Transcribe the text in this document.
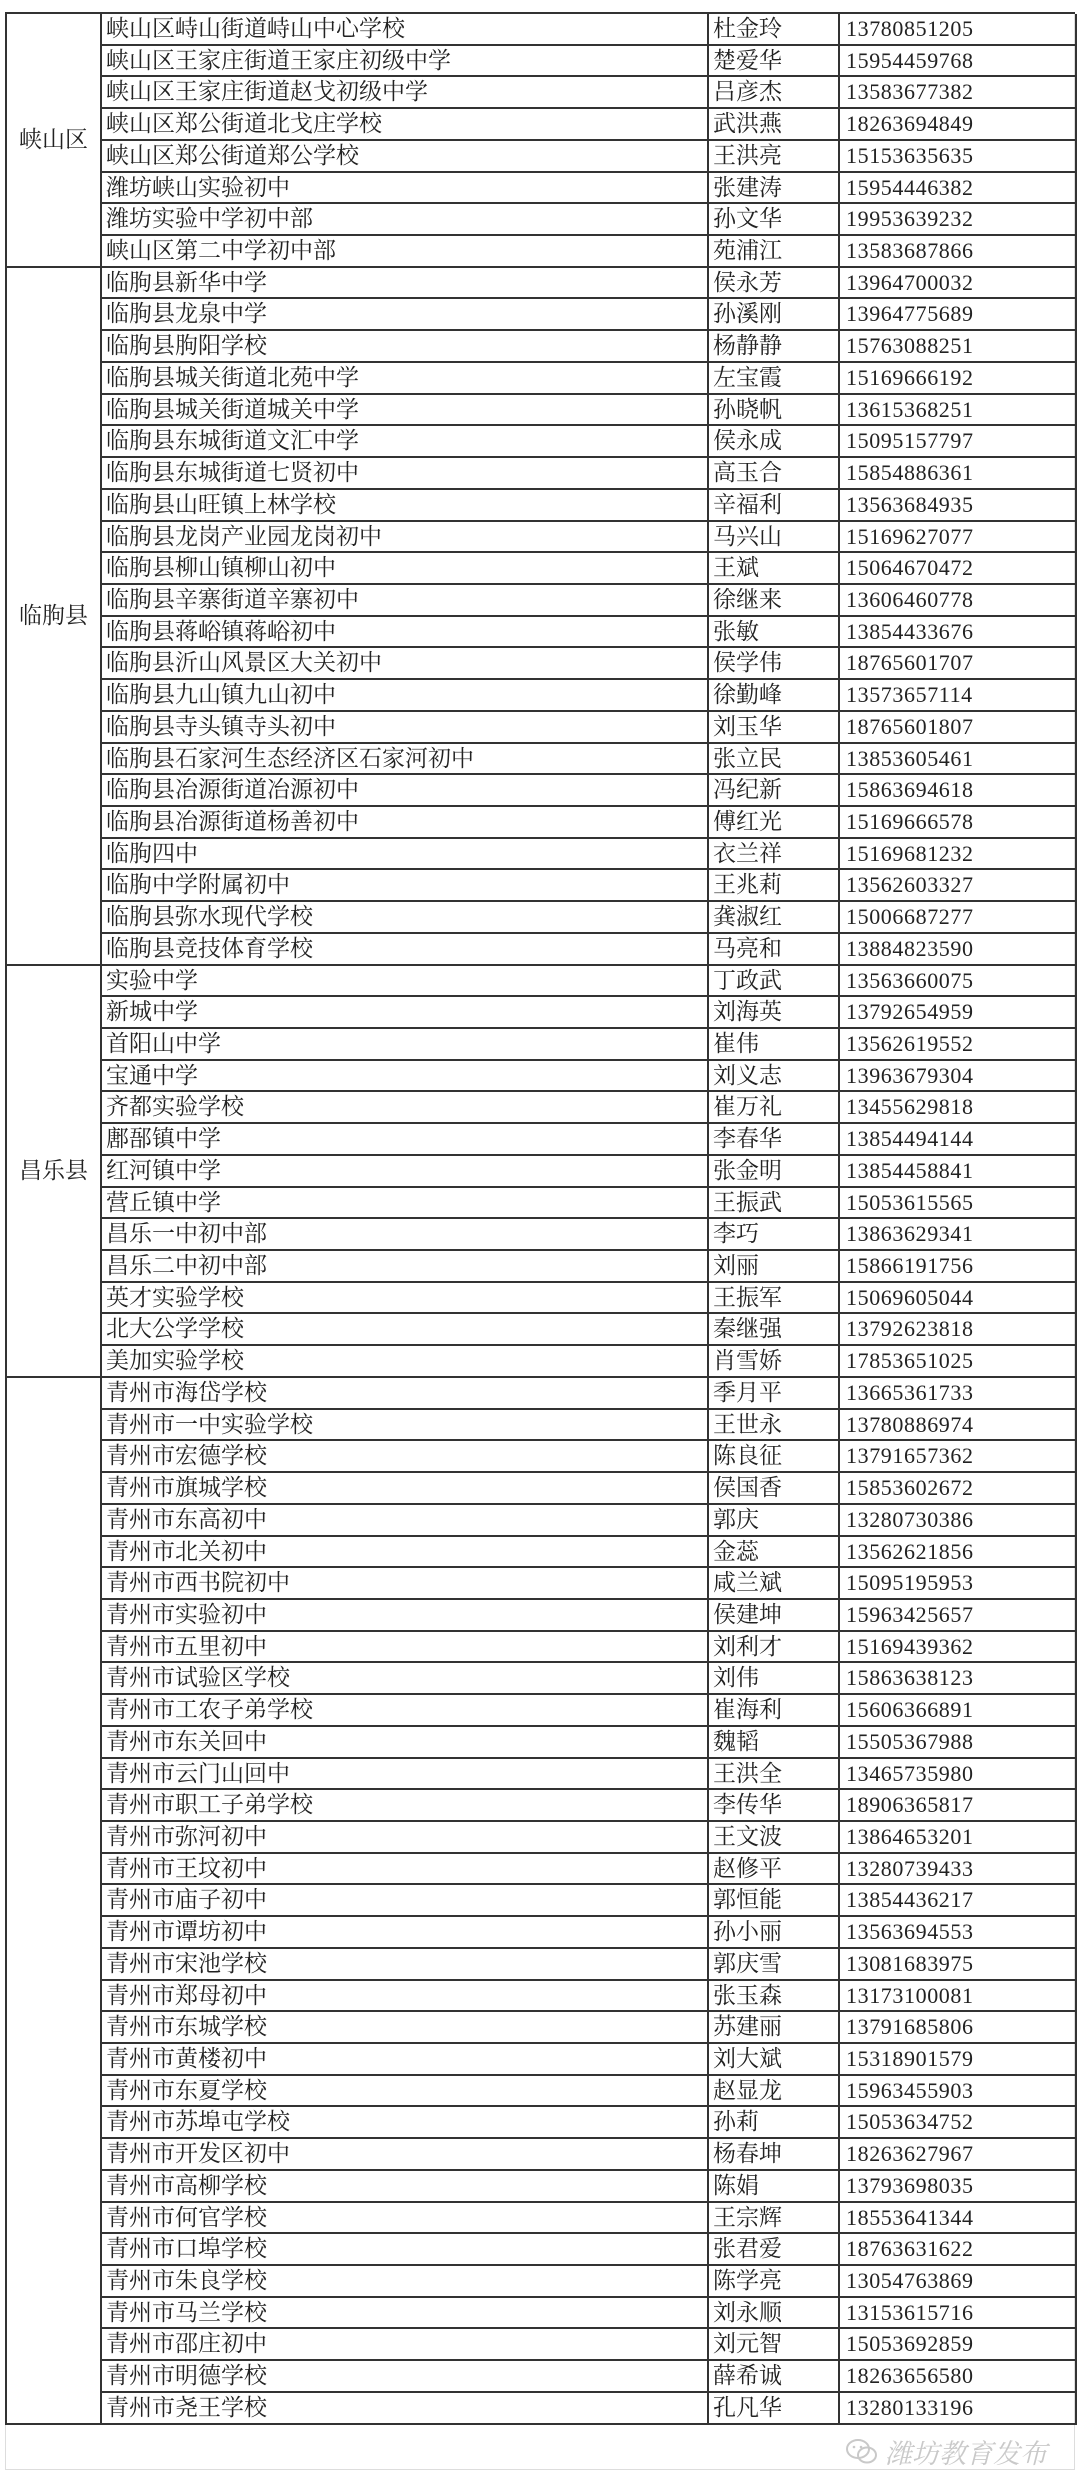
峡山区
峡山区峙山街道峙山中心学校	杜金玲	13780851205
峡山区王家庄街道王家庄初级中学	楚爱华	15954459768
峡山区王家庄街道赵戈初级中学	吕彦杰	13583677382
峡山区郑公街道北戈庄学校	武洪燕	18263694849
峡山区郑公街道郑公学校	王洪亮	15153635635
潍坊峡山实验初中	张建涛	15954446382
潍坊实验中学初中部	孙文华	19953639232
峡山区第二中学初中部	苑浦江	13583687866
临朐县
临朐县新华中学	侯永芳	13964700032
临朐县龙泉中学	孙溪刚	13964775689
临朐县朐阳学校	杨静静	15763088251
临朐县城关街道北苑中学	左宝霞	15169666192
临朐县城关街道城关中学	孙晓帆	13615368251
临朐县东城街道文汇中学	侯永成	15095157797
临朐县东城街道七贤初中	高玉合	15854886361
临朐县山旺镇上林学校	辛福利	13563684935
临朐县龙岗产业园龙岗初中	马兴山	15169627077
临朐县柳山镇柳山初中	王斌	15064670472
临朐县辛寨街道辛寨初中	徐继来	13606460778
临朐县蒋峪镇蒋峪初中	张敏	13854433676
临朐县沂山风景区大关初中	侯学伟	18765601707
临朐县九山镇九山初中	徐勤峰	13573657114
临朐县寺头镇寺头初中	刘玉华	18765601807
临朐县石家河生态经济区石家河初中	张立民	13853605461
临朐县冶源街道冶源初中	冯纪新	15863694618
临朐县冶源街道杨善初中	傅红光	15169666578
临朐四中	衣兰祥	15169681232
临朐中学附属初中	王兆莉	13562603327
临朐县弥水现代学校	龚淑红	15006687277
临朐县竞技体育学校	马亮和	13884823590
昌乐县
实验中学	丁政武	13563660075
新城中学	刘海英	13792654959
首阳山中学	崔伟	13562619552
宝通中学	刘义志	13963679304
齐都实验学校	崔万礼	13455629818
鄌郚镇中学	李春华	13854494144
红河镇中学	张金明	13854458841
营丘镇中学	王振武	15053615565
昌乐一中初中部	李巧	13863629341
昌乐二中初中部	刘丽	15866191756
英才实验学校	王振军	15069605044
北大公学学校	秦继强	13792623818
美加实验学校	肖雪娇	17853651025
青州市海岱学校	季月平	13665361733
青州市一中实验学校	王世永	13780886974
青州市宏德学校	陈良征	13791657362
青州市旗城学校	侯国香	15853602672
青州市东高初中	郭庆	13280730386
青州市北关初中	金蕊	13562621856
青州市西书院初中	咸兰斌	15095195953
青州市实验初中	侯建坤	15963425657
青州市五里初中	刘利才	15169439362
青州市试验区学校	刘伟	15863638123
青州市工农子弟学校	崔海利	15606366891
青州市东关回中	魏韬	15505367988
青州市云门山回中	王洪全	13465735980
青州市职工子弟学校	李传华	18906365817
青州市弥河初中	王文波	13864653201
青州市王坟初中	赵修平	13280739433
青州市庙子初中	郭恒能	13854436217
青州市谭坊初中	孙小丽	13563694553
青州市宋池学校	郭庆雪	13081683975
青州市郑母初中	张玉森	13173100081
青州市东城学校	苏建丽	13791685806
青州市黄楼初中	刘大斌	15318901579
青州市东夏学校	赵显龙	15963455903
青州市苏埠屯学校	孙莉	15053634752
青州市开发区初中	杨春坤	18263627967
青州市高柳学校	陈娟	13793698035
青州市何官学校	王宗辉	18553641344
青州市口埠学校	张君爱	18763631622
青州市朱良学校	陈学亮	13054763869
青州市马兰学校	刘永顺	13153615716
青州市邵庄初中	刘元智	15053692859
青州市明德学校	薛希诚	18263656580
青州市尧王学校	孔凡华	13280133196
潍坊教育发布
